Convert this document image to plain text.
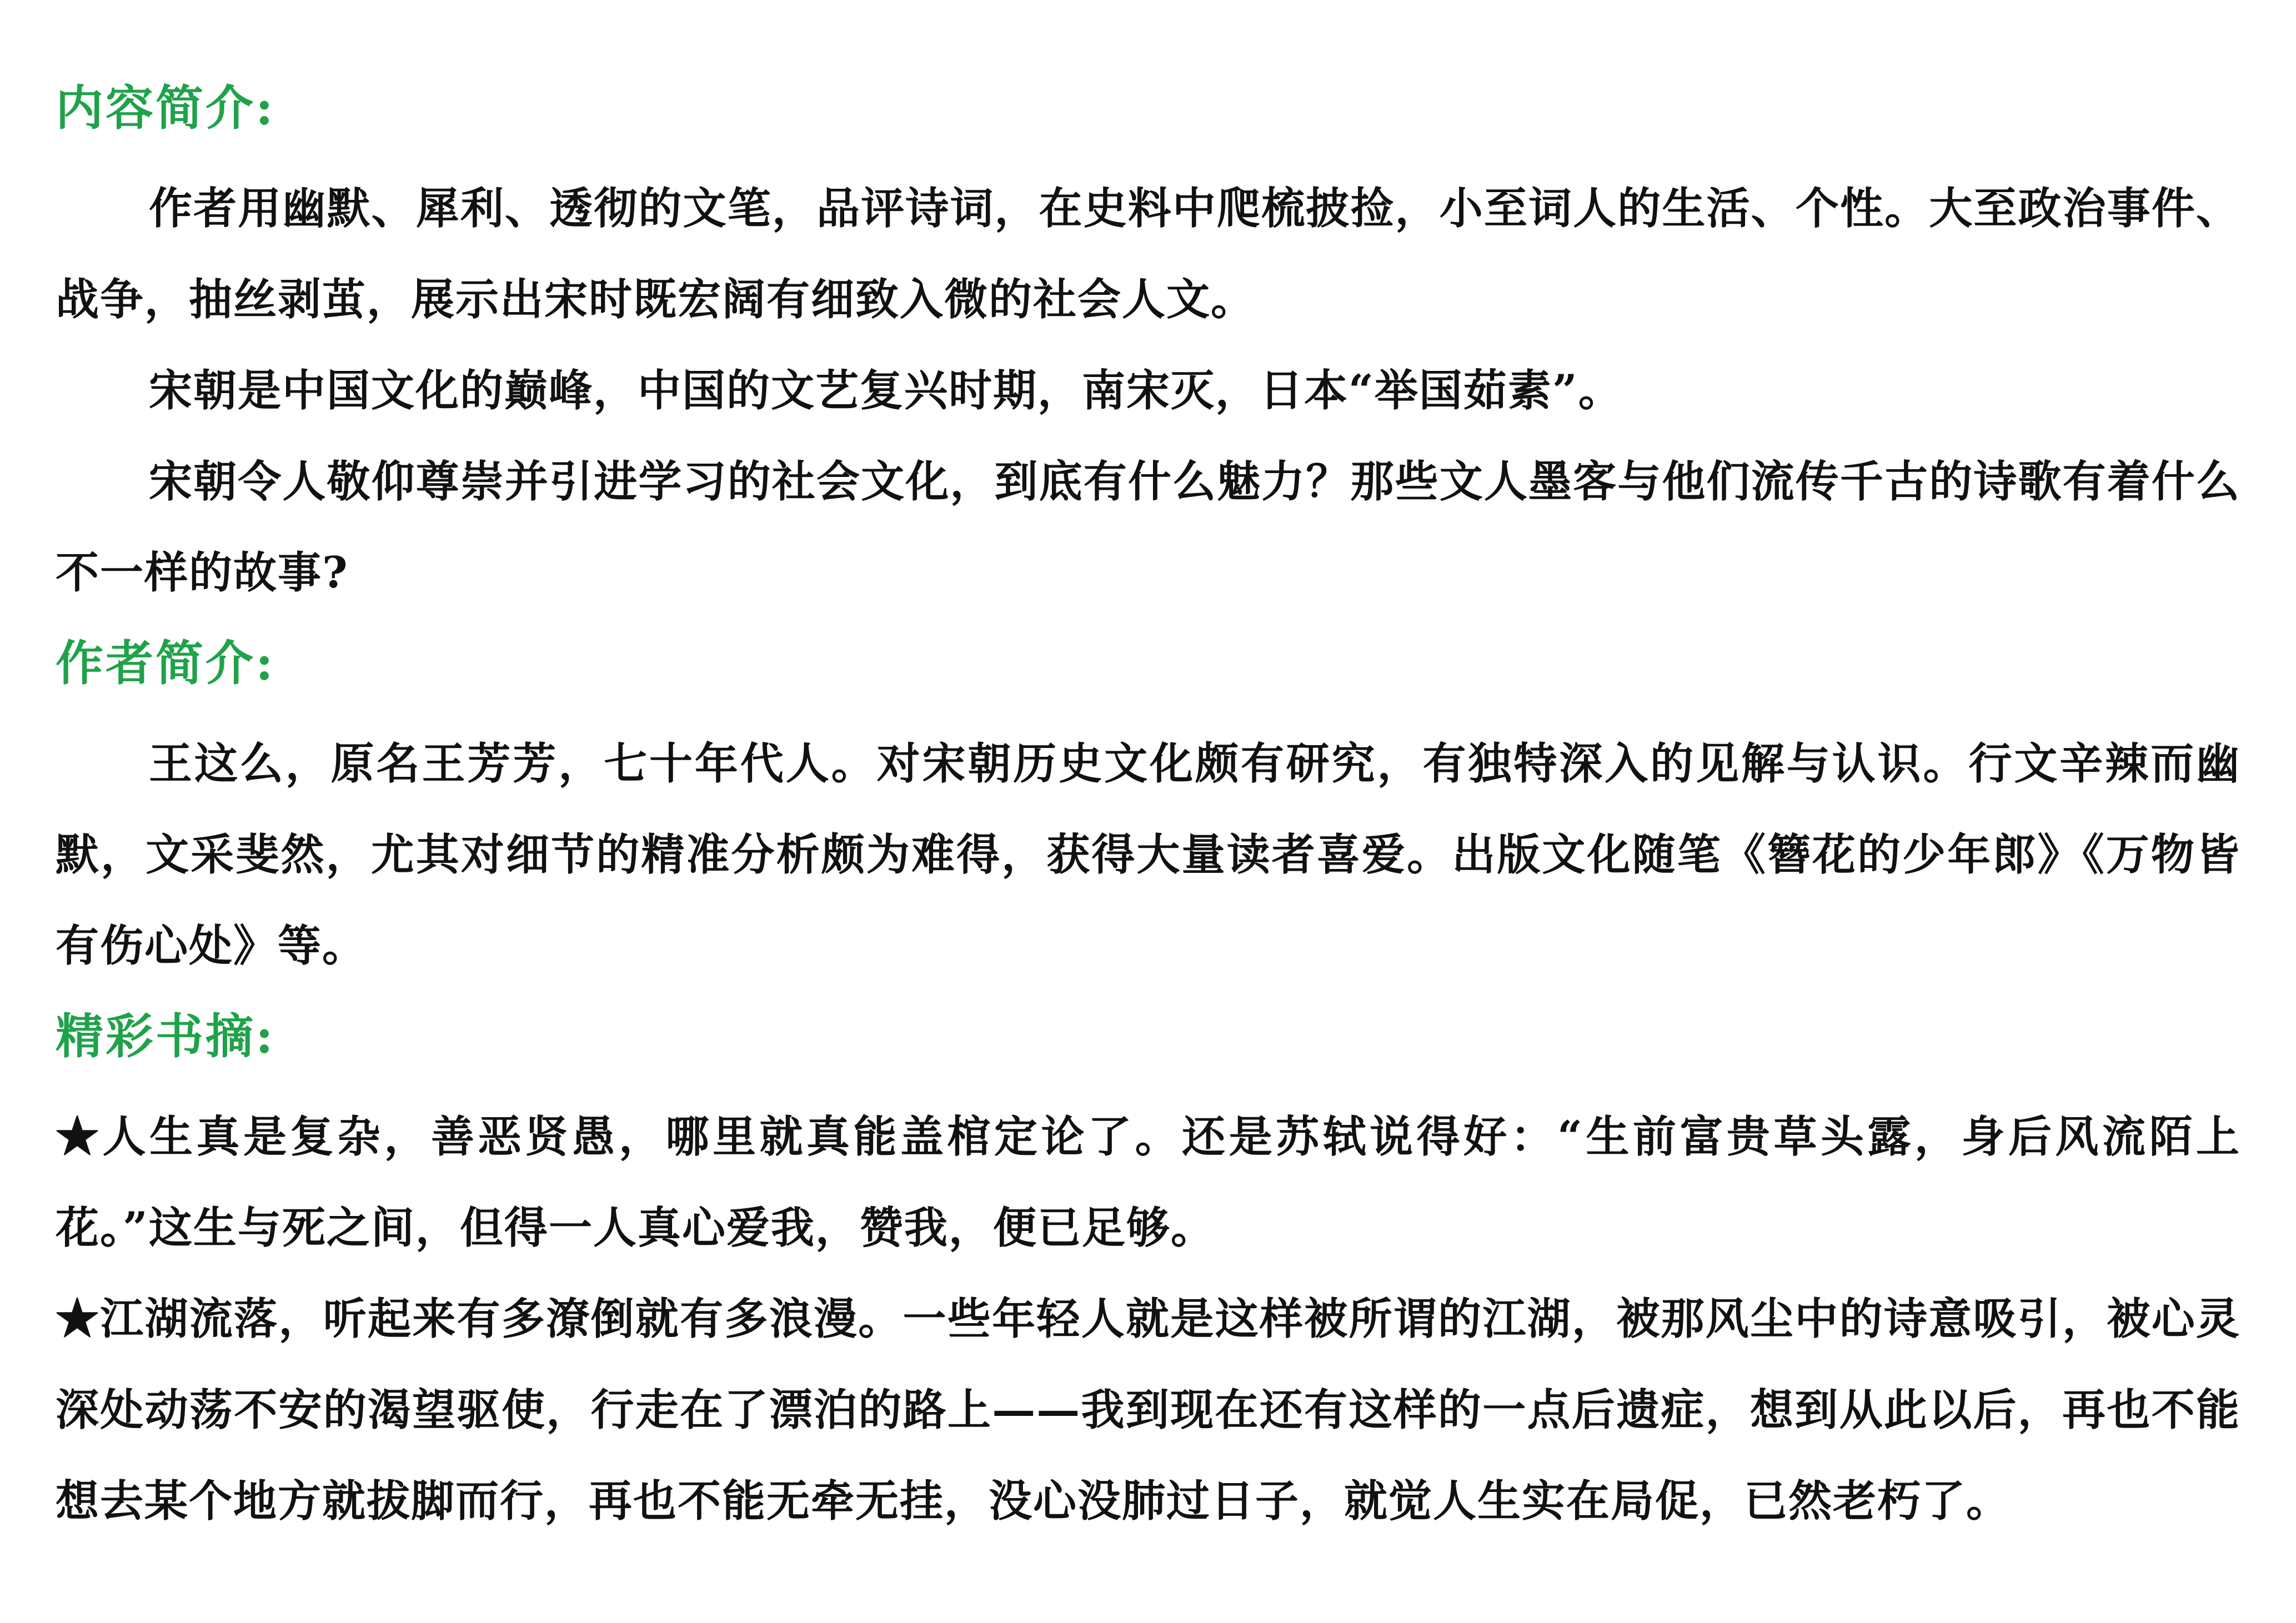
内容简介:

作者用幽默、犀利、透彻的文笔，品评诗词，在史料中爬梳披捡，小至词人的生活、个性。大至政治事件、战争，抽丝剥茧，展示出宋时既宏阔有细致入微的社会人文。

宋朝是中国文化的巅峰，中国的文艺复兴时期，南宋灭，日本“举国茹素”。

宋朝令人敬仰尊崇并引进学习的社会文化，到底有什么魅力？那些文人墨客与他们流传千古的诗歌有着什么不一样的故事?

作者简介:

王这么，原名王芳芳，七十年代人。对宋朝历史文化颇有研究，有独特深入的见解与认识。行文辛辣而幽默，文采斐然，尤其对细节的精准分析颇为难得，获得大量读者喜爱。出版文化随笔《簪花的少年郎》《万物皆有伤心处》等。

精彩书摘:

★人生真是复杂，善恶贤愚，哪里就真能盖棺定论了。还是苏轼说得好：“生前富贵草头露，身后风流陌上花。”这生与死之间，但得一人真心爱我，赞我，便已足够。

★江湖流落，听起来有多潦倒就有多浪漫。一些年轻人就是这样被所谓的江湖，被那风尘中的诗意吸引，被心灵深处动荡不安的渴望驱使，行走在了漂泊的路上——我到现在还有这样的一点后遗症，想到从此以后，再也不能想去某个地方就拔脚而行，再也不能无牵无挂，没心没肺过日子，就觉人生实在局促，已然老朽了。
